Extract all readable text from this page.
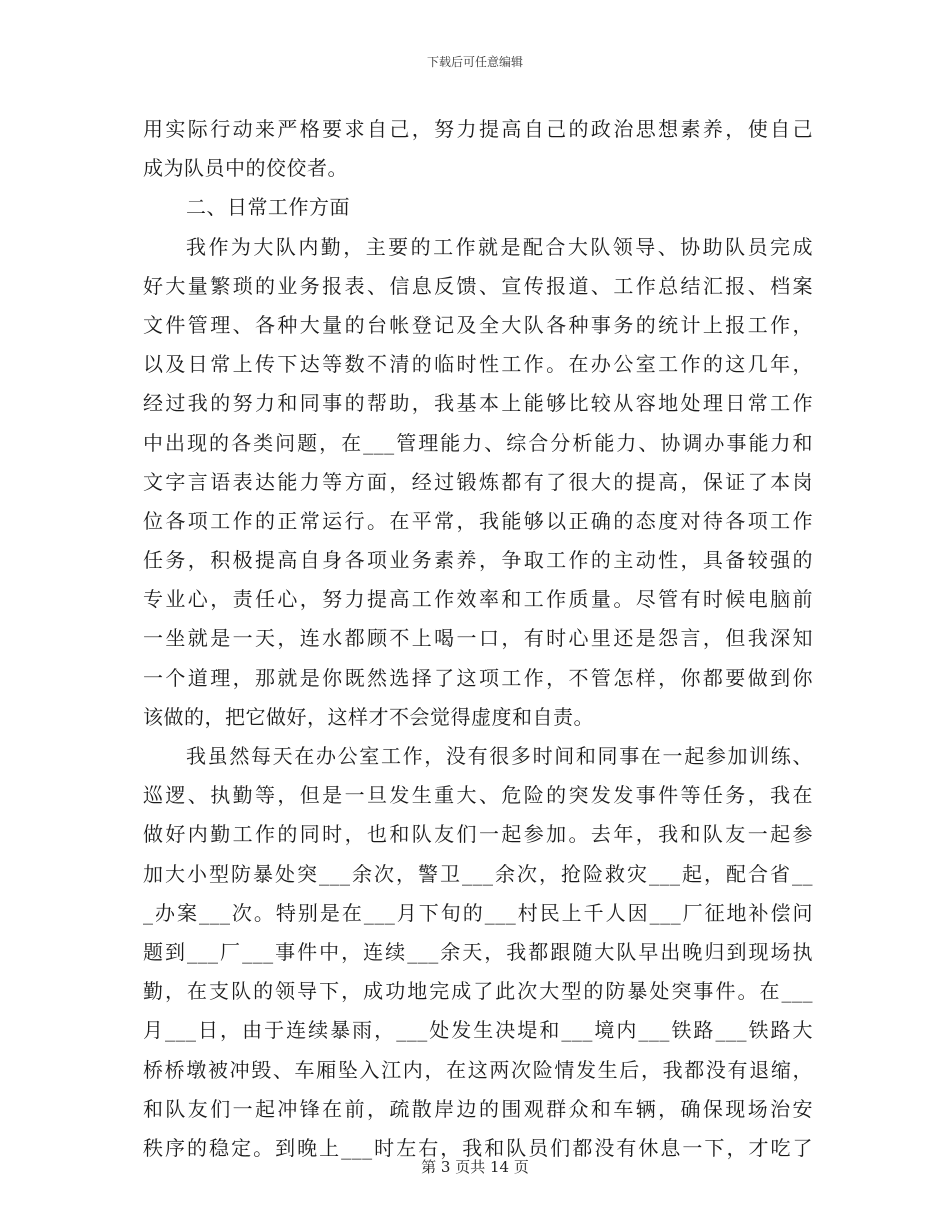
下载后可任意编辑
用实际行动来严格要求自己，努力提高自己的政治思想素养，使自己
成为队员中的佼佼者。
二、日常工作方面
我作为大队内勤，主要的工作就是配合大队领导、协助队员完成
好大量繁琐的业务报表、信息反馈、宣传报道、工作总结汇报、档案
文件管理、各种大量的台帐登记及全大队各种事务的统计上报工作，
以及日常上传下达等数不清的临时性工作。在办公室工作的这几年，
经过我的努力和同事的帮助，我基本上能够比较从容地处理日常工作
中出现的各类问题，在___管理能力、综合分析能力、协调办事能力和
文字言语表达能力等方面，经过锻炼都有了很大的提高，保证了本岗
位各项工作的正常运行。在平常，我能够以正确的态度对待各项工作
任务，积极提高自身各项业务素养，争取工作的主动性，具备较强的
专业心，责任心，努力提高工作效率和工作质量。尽管有时候电脑前
一坐就是一天，连水都顾不上喝一口，有时心里还是怨言，但我深知
一个道理，那就是你既然选择了这项工作，不管怎样，你都要做到你
该做的，把它做好，这样才不会觉得虚度和自责。
我虽然每天在办公室工作，没有很多时间和同事在一起参加训练、
巡逻、执勤等，但是一旦发生重大、危险的突发发事件等任务，我在
做好内勤工作的同时，也和队友们一起参加。去年，我和队友一起参
加大小型防暴处突___余次，警卫___余次，抢险救灾___起，配合省__
_办案___次。特别是在___月下旬的___村民上千人因___厂征地补偿问
题到___厂___事件中，连续___余天，我都跟随大队早出晚归到现场执
勤，在支队的领导下，成功地完成了此次大型的防暴处突事件。在___
月___日，由于连续暴雨，___处发生决堤和___境内___铁路___铁路大
桥桥墩被冲毁、车厢坠入江内，在这两次险情发生后，我都没有退缩，
和队友们一起冲锋在前，疏散岸边的围观群众和车辆，确保现场治安
秩序的稳定。到晚上___时左右，我和队员们都没有休息一下，才吃了
第 3 页共 14 页
